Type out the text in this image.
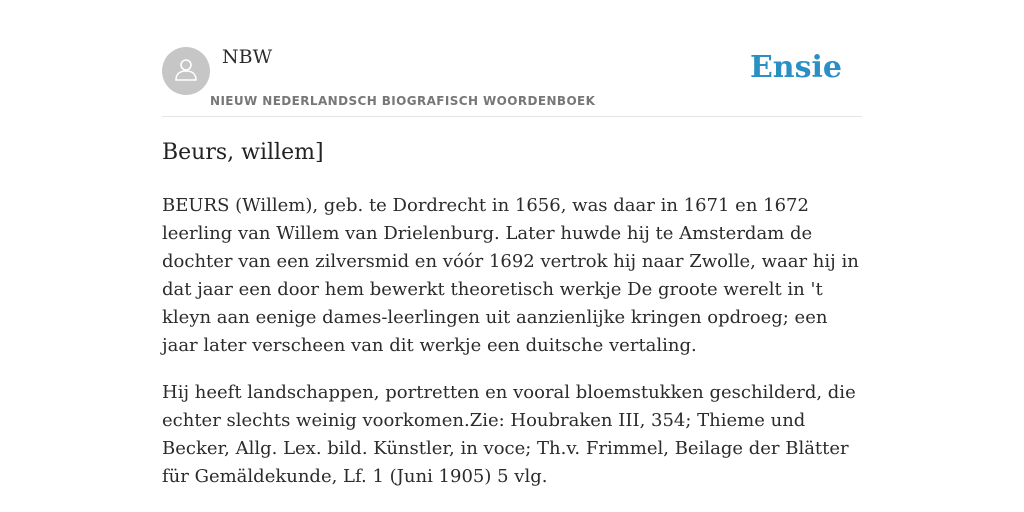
NBW
NIEUW NEDERLANDSCH BIOGRAFISCH WOORDENBOEK
Ensie
Beurs, willem]

BEURS (Willem), geb. te Dordrecht in 1656, was daar in 1671 en 1672 leerling van Willem van Drielenburg. Later huwde hij te Amsterdam de dochter van een zilversmid en vóór 1692 vertrok hij naar Zwolle, waar hij in dat jaar een door hem bewerkt theoretisch werkje De groote werelt in 't kleyn aan eenige dames-leerlingen uit aanzienlijke kringen opdroeg; een jaar later verscheen van dit werkje een duitsche vertaling.

Hij heeft landschappen, portretten en vooral bloemstukken geschilderd, die echter slechts weinig voorkomen.Zie: Houbraken III, 354; Thieme und Becker, Allg. Lex. bild. Künstler, in voce; Th.v. Frimmel, Beilage der Blätter für Gemäldekunde, Lf. 1 (Juni 1905) 5 vlg.
